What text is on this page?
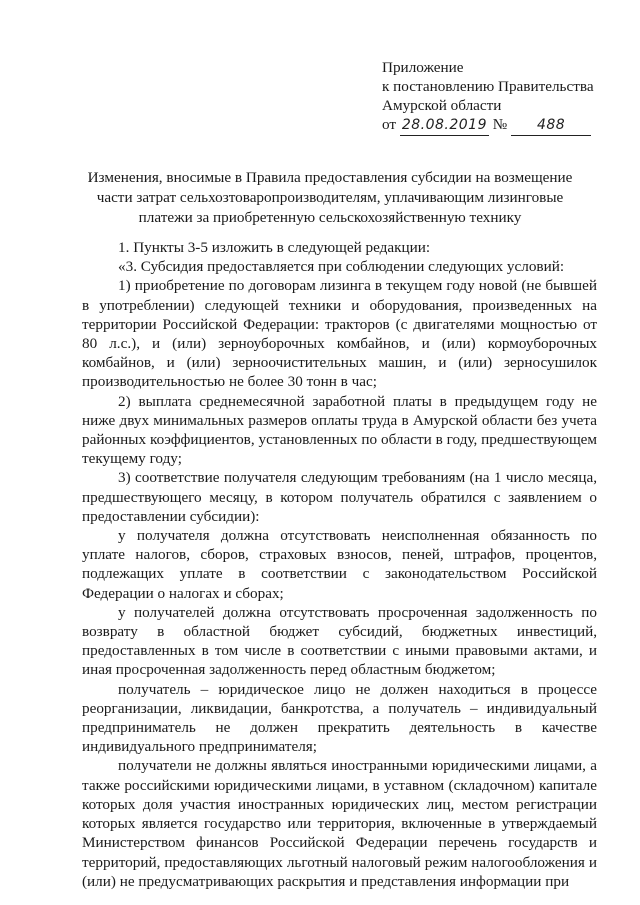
Приложение
к постановлению Правительства
Амурской области
от 28.08.2019 № 488
Изменения, вносимые в Правила предоставления субсидии на возмещение
части затрат сельхозтоваропроизводителям, уплачивающим лизинговые
платежи за приобретенную сельскохозяйственную технику

1. Пункты 3-5 изложить в следующей редакции:

«3. Субсидия предоставляется при соблюдении следующих условий:

1) приобретение по договорам лизинга в текущем году новой (не бывшей в употреблении) следующей техники и оборудования, произведенных на территории Российской Федерации: тракторов (с двигателями мощностью от 80 л.с.), и (или) зерноуборочных комбайнов, и (или) кормоуборочных комбайнов, и (или) зерноочистительных машин, и (или) зерносушилок производительностью не более 30 тонн в час;

2) выплата среднемесячной заработной платы в предыдущем году не ниже двух минимальных размеров оплаты труда в Амурской области без учета районных коэффициентов, установленных по области в году, предшествующем текущему году;

3) соответствие получателя следующим требованиям (на 1 число месяца, предшествующего месяцу, в котором получатель обратился с заявлением о предоставлении субсидии):

у получателя должна отсутствовать неисполненная обязанность по уплате налогов, сборов, страховых взносов, пеней, штрафов, процентов, подлежащих уплате в соответствии с законодательством Российской Федерации о налогах и сборах;

у получателей должна отсутствовать просроченная задолженность по возврату в областной бюджет субсидий, бюджетных инвестиций, предоставленных в том числе в соответствии с иными правовыми актами, и иная просроченная задолженность перед областным бюджетом;

получатель – юридическое лицо не должен находиться в процессе реорганизации, ликвидации, банкротства, а получатель – индивидуальный предприниматель не должен прекратить деятельность в качестве индивидуального предпринимателя;

получатели не должны являться иностранными юридическими лицами, а также российскими юридическими лицами, в уставном (складочном) капитале которых доля участия иностранных юридических лиц, местом регистрации которых является государство или территория, включенные в утверждаемый Министерством финансов Российской Федерации перечень государств и территорий, предоставляющих льготный налоговый режим налогообложения и (или) не предусматривающих раскрытия и представления информации при
